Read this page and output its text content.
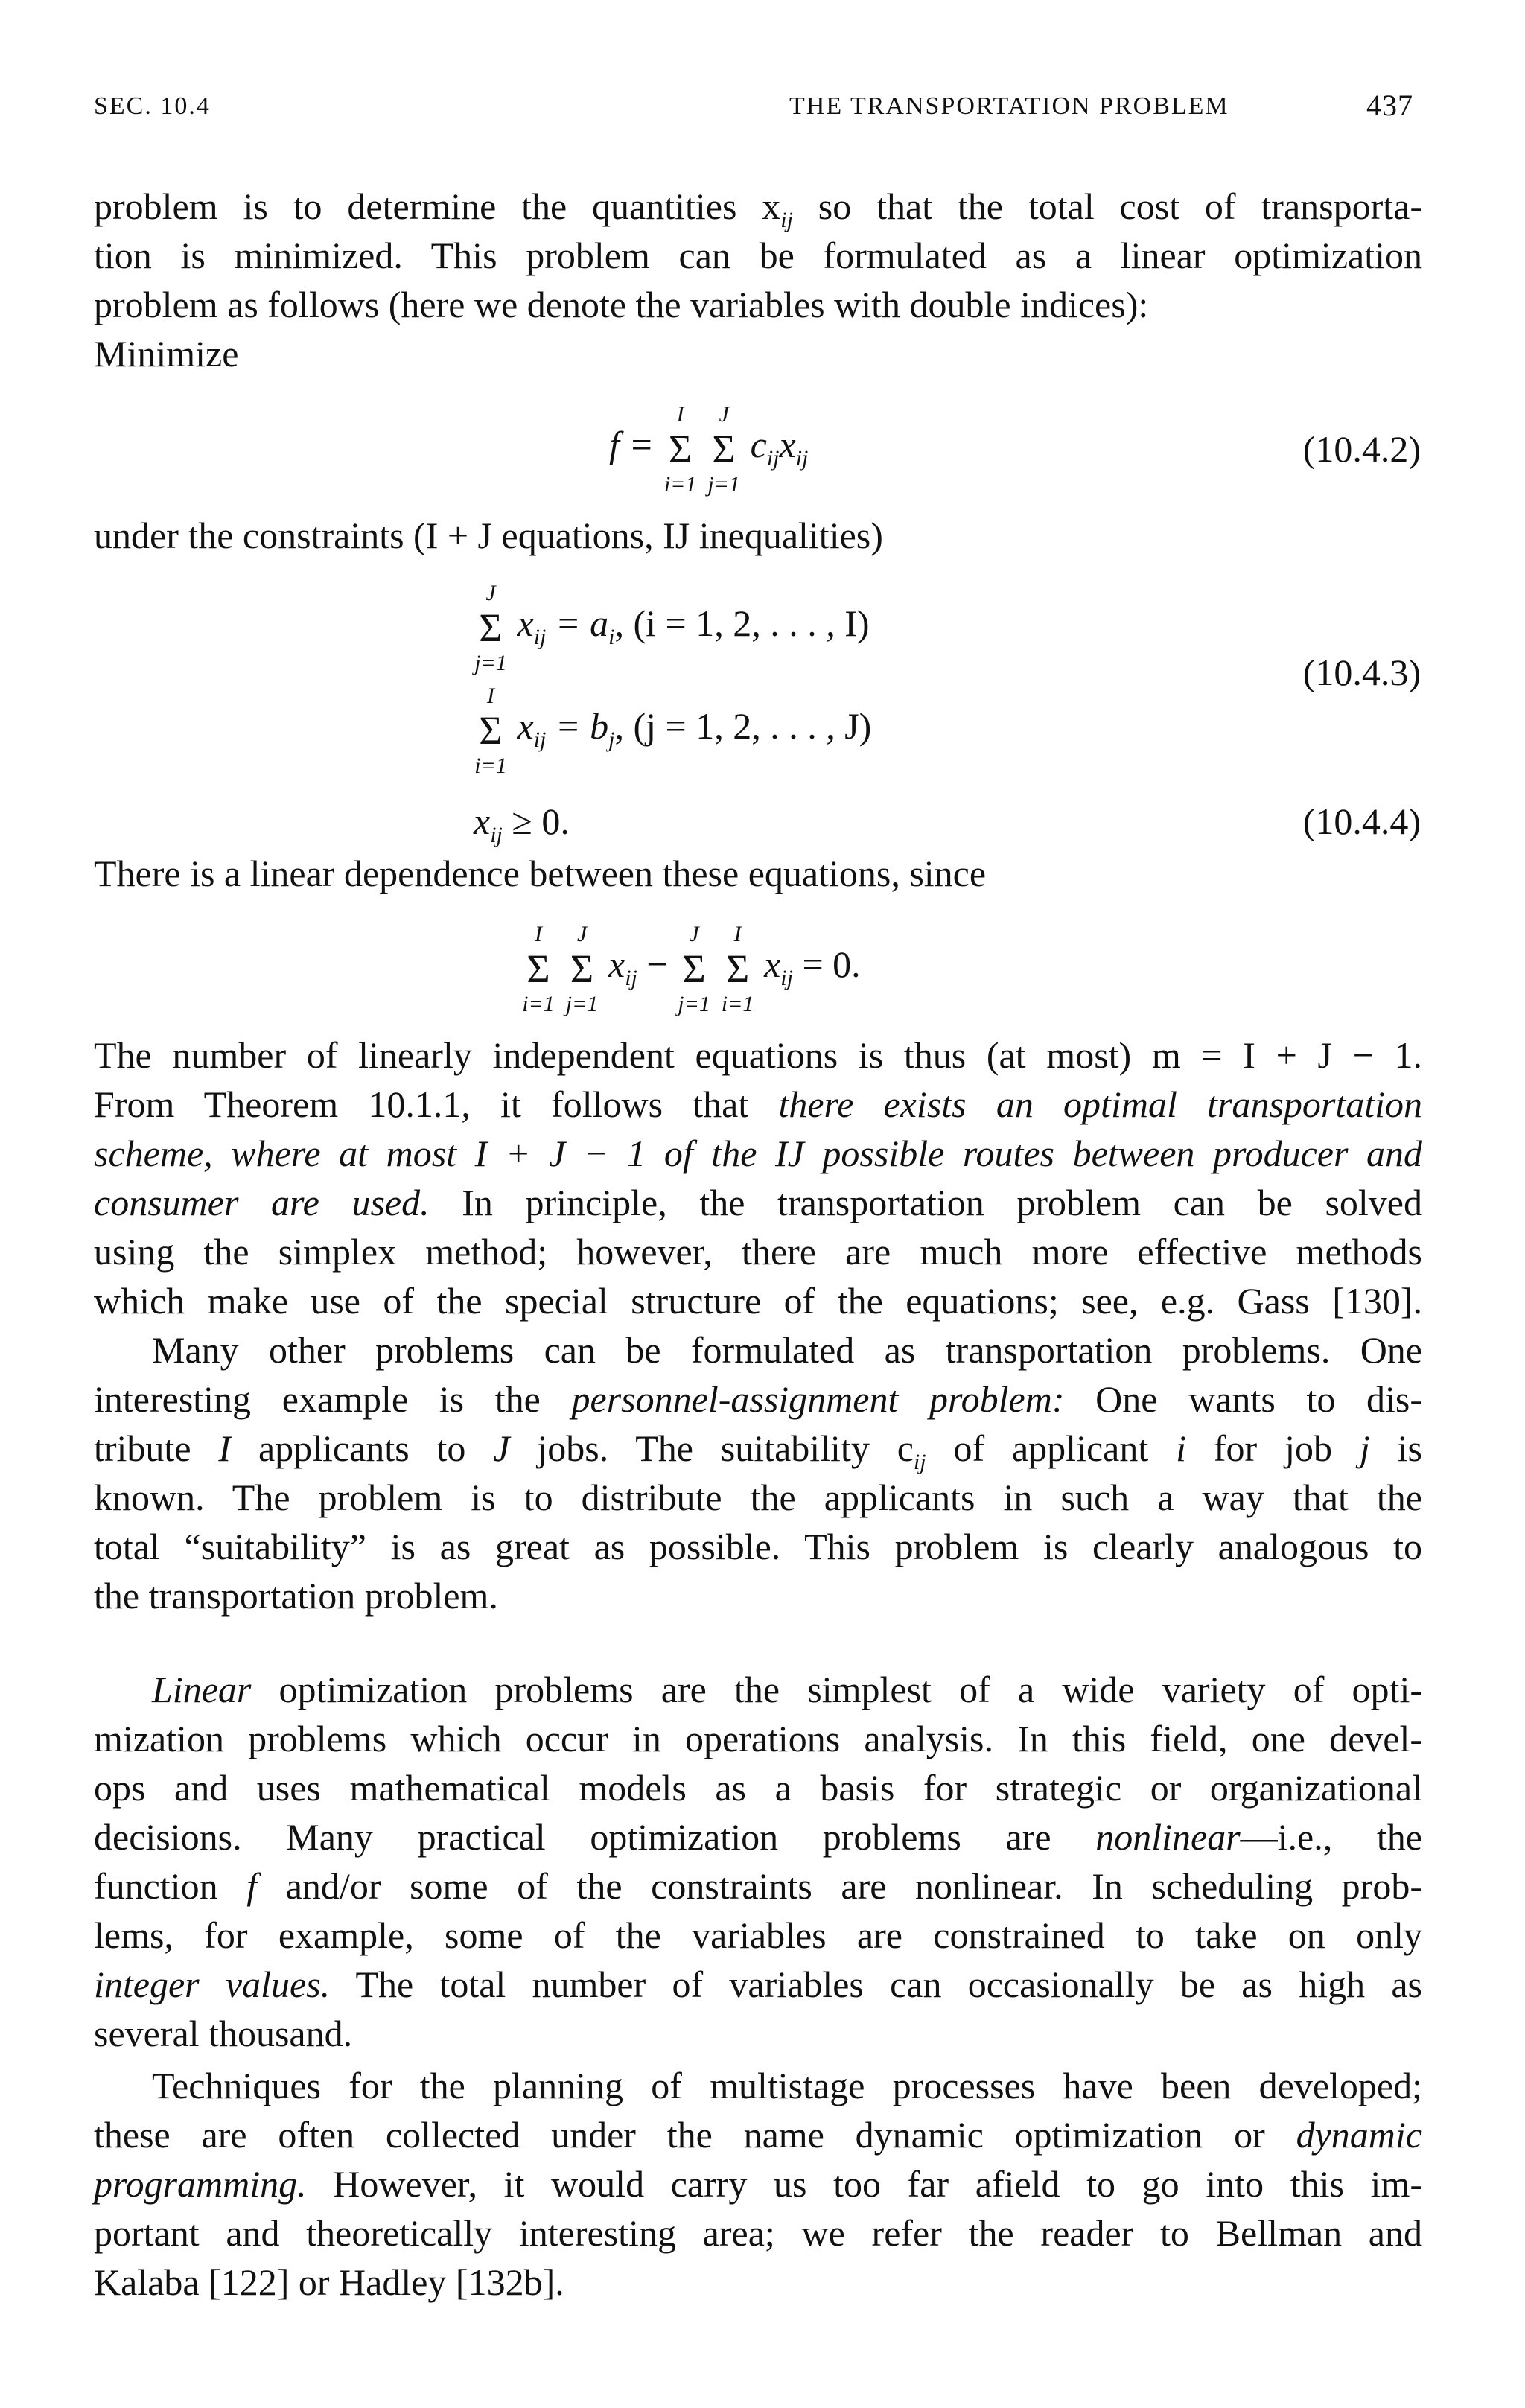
SEC. 10.4	THE TRANSPORTATION PROBLEM	437
problem is to determine the quantities $x_{ij}$ so that the total cost of transporta-
tion is minimized. This problem can be formulated as a linear optimization
problem as follows (here we denote the variables with double indices):
Minimize
f =
I
Σ
i=1

J
Σ
j=1
$c_{ij}x_{ij}$	(10.4.2)
under the constraints (I + J equations, IJ inequalities)
J
Σ
j=1
$x_{ij} = a_i$, (i = 1, 2, . . . , I)
I
Σ
i=1
$x_{ij} = b_j$, (j = 1, 2, . . . , J)
(10.4.3)
$x_{ij} \ge 0$.	(10.4.4)
There is a linear dependence between these equations, since
I
Σ
i=1

J
Σ
j=1
$x_{ij}$ −
J
Σ
j=1

I
Σ
i=1
$x_{ij} = 0$.
The number of linearly independent equations is thus (at most) m = I + J − 1.
From Theorem 10.1.1, it follows that there exists an optimal transportation
scheme, where at most I + J − 1 of the IJ possible routes between producer and
consumer are used. In principle, the transportation problem can be solved
using the simplex method; however, there are much more effective methods
which make use of the special structure of the equations; see, e.g. Gass [130].
Many other problems can be formulated as transportation problems. One
interesting example is the personnel-assignment problem: One wants to dis-
tribute I applicants to J jobs. The suitability $c_{ij}$ of applicant i for job j is
known. The problem is to distribute the applicants in such a way that the
total “suitability” is as great as possible. This problem is clearly analogous to
the transportation problem.
Linear optimization problems are the simplest of a wide variety of opti-
mization problems which occur in operations analysis. In this field, one devel-
ops and uses mathematical models as a basis for strategic or organizational
decisions. Many practical optimization problems are nonlinear—i.e., the
function f and/or some of the constraints are nonlinear. In scheduling prob-
lems, for example, some of the variables are constrained to take on only
integer values. The total number of variables can occasionally be as high as
several thousand.
Techniques for the planning of multistage processes have been developed;
these are often collected under the name dynamic optimization or dynamic
programming. However, it would carry us too far afield to go into this im-
portant and theoretically interesting area; we refer the reader to Bellman and
Kalaba [122] or Hadley [132b].
